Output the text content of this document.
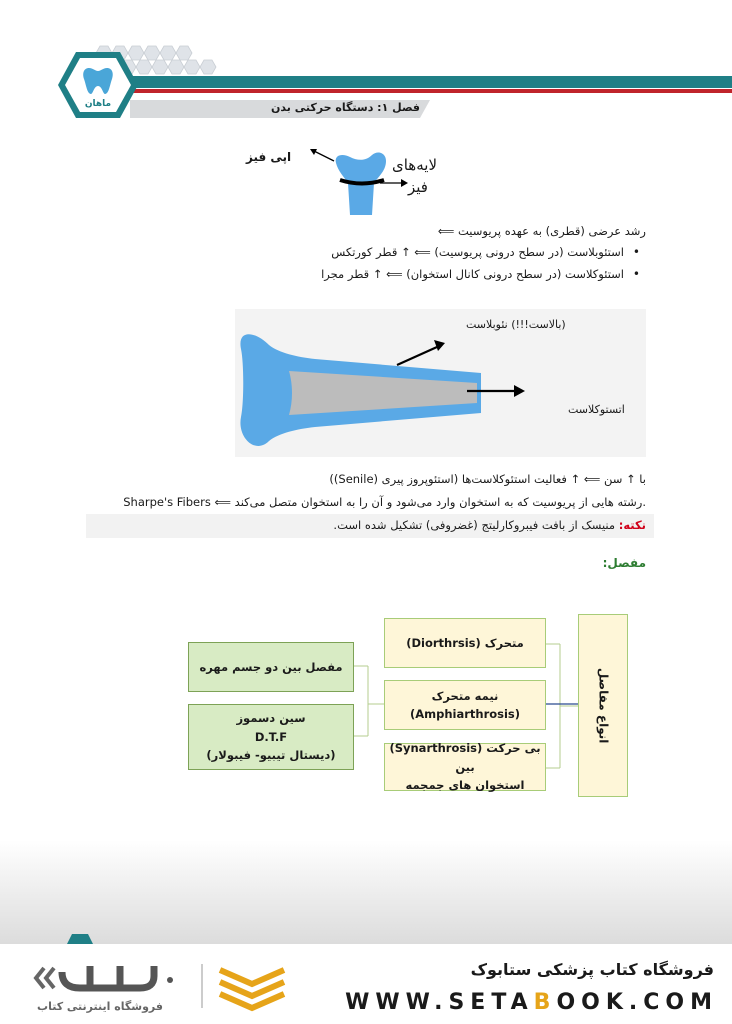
ماهان	فصل ۱: دستگاه حرکتی بدن
اپی فیز	لایه‌های
فیز
رشد عرضی (قطری) به عهده پریوسیت ⟸
•
استئوبلاست (در سطح درونی پریوسیت) ⟸ ↑ قطر کورتکس
•
استئوکلاست (در سطح درونی کانال استخوان) ⟸ ↑ قطر مجرا
(بالاست!!!) نئوبلاست
اتستوکلاست
با ↑ سن ⟸ ↑ فعالیت استئوکلاست‌ها (استئوپروز پیری (Senile))
Sharpe's Fibers ⟸ رشته هایی از پریوسیت که به استخوان وارد می‌شود و آن را به استخوان متصل می‌کند.
نکته: منیسک از بافت فیبروکارلیتج (غضروفی) تشکیل شده است.
مفصل:
انواع مفاصل
متحرک (Diorthrsis)
نیمه متحرک
(Amphiarthrosis)
بی حرکت (Synarthrosis) بین
استخوان های جمجمه
مفصل بین دو جسم مهره
سین دسموز
D.T.F
(دیستال تیبیو- فیبولار)
فروشگاه کتاب پزشکی ستابوک
WWW.SETABOOK.COM
فروشگاه اینترنتی کتاب
